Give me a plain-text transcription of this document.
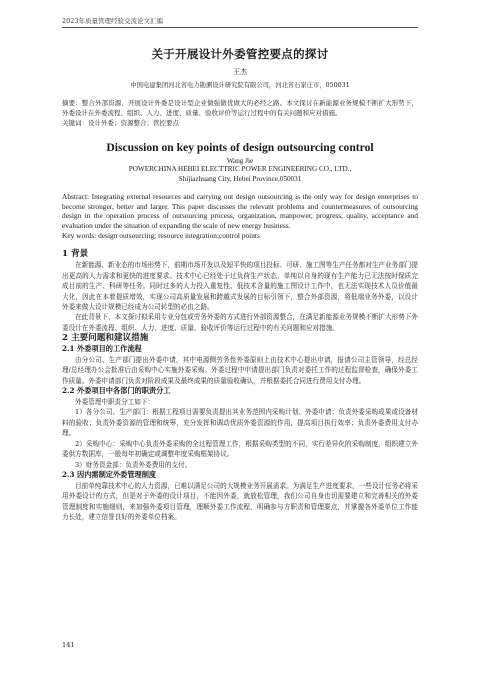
2023年质量管理经验交流论文汇编
关于开展设计外委管控要点的探讨
王杰
中国电建集团河北省电力勘测设计研究院有限公司，河北省石家庄市，050031
摘要：整合外部资源、开展设计外委是设计型企业做强做优做大的必经之路。本文探讨在新能源业务规模不断扩大形势下，外委设计在外委流程、组织、人力、进度、质量、验收评价等运行过程中的有关问题和应对措施。
关键词：设计外委；资源整合；管控要点
Discussion on key points of design outsourcing control
Wang Jie
POWERCHINA HEBEI ELECTTRIC POWER ENGINEERING CO., LTD.,
Shijiazhuang City, Hebei Province,050031
Abstract: Integrating external resources and carrying out design outsourcing is the only way for design enterprises to become stronger, better and larger. This paper discusses the relevant problems and countermeasures of outsourcing design in the operation process of outsourcing process, organization, manpower, progress, quality, acceptance and evaluation under the situation of expanding the scale of new energy business.
Key words: design outsourcing; resource integration;control points
1 背景
在新能源、新业态的市场形势下，前期市场开发以及短平快的项目投标、可研、施工图等生产任务都对生产业务部门提出更高的人力需求和更快的进度要求。技术中心已经处于过负荷生产状态，单纯以自身的现有生产能力已无法按时保质完成目前的生产、科研等任务。同时过多的人力投入重复性、低技术含量的施工图设计工作中，也无法实现技术人员价值最大化，因此在本着提质增效，实现公司高质量发展和跨越式发展的目标引领下，整合外部资源，将低端业务外委，以设计外委来做大设计规模已经成为公司转型的必由之路。
在此背景下，本文探讨拟采用专业分包或劳务外委的方式进行外部资源整合，在满足新能源业务规模不断扩大形势下外委设计在外委流程、组织、人力、进度、质量、验收评价等运行过程中的有关问题和应对措施。
2 主要问题和建议措施
2.1 外委项目的工作流程
由分公司、生产部门提出外委申请，其中电源侧劳务性外委原则上由技术中心提出申请，报请公司主管领导，经总经理/总经理办公会批准后由采购中心实施外委采购。外委过程中申请提出部门负责对委托工作的过程监督检查，确保外委工作质量。外委申请部门负责对阶段成果及最终成果的质量验收确认，并根据委托合同进行费用支付办理。
2.2 外委项目中各部门的职责分工
外委管理中职责分工如下：
1）各分公司、生产部门：根据工程项目需要负责提出其业务范围内采购计划、外委申请；负责外委采购成果或设备材料的验收；负责外委资源的管理和统筹，充分发挥和调动优质外委资源的作用，提高项目执行效率；负责外委费用支付办理。
2）采购中心：采购中心负责外委采购的全过程管理工作，根据采购类型的不同，实行差异化的采购制度，组织建立外委供方数据库，一般每年初确定或调整年度采购框架协议。
3）财务资金部：负责外委费用的支付。
2.3 因内需制定外委管理制度
目前单纯靠技术中心的人力资源，已难以满足公司的大规模业务开展需求。为满足生产进度要求，一些设计任务必将采用外委设计的方式，但是对于外委的设计项目，不能因外委，就放松管理，我们公司自身也切需要建立和完善相关的外委管理制度和实施细则，来加强外委项目管理，理顺外委工作流程，明确参与方职责和管理要点，并掌握各外委单位工作能力长处，建立信誉良好的外委单位档案。
141
